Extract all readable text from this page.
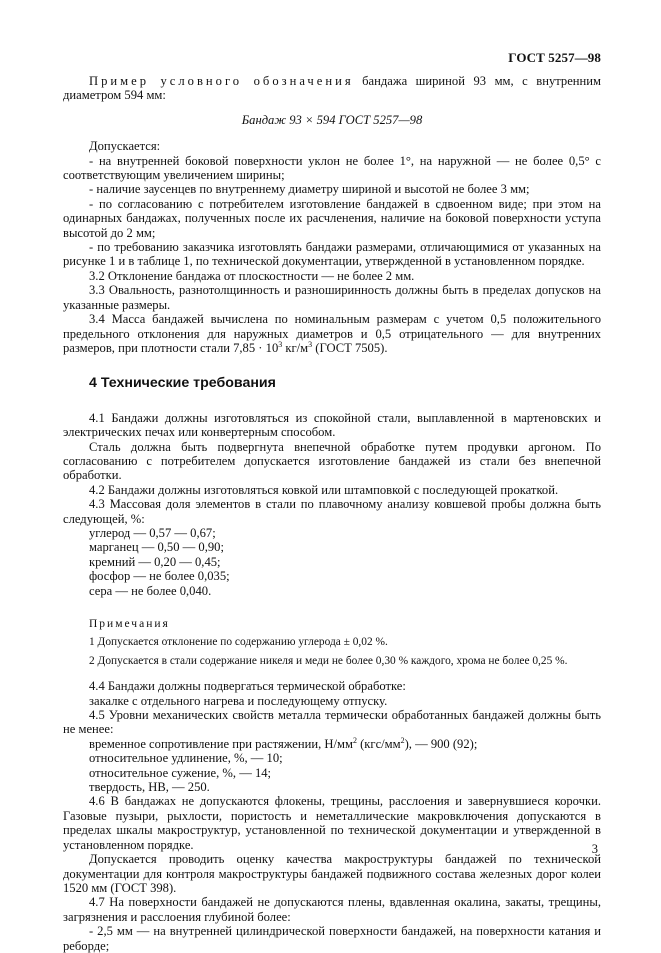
ГОСТ 5257—98

Пример условного обозначения бандажа шириной 93 мм, с внутренним диаметром 594 мм:

Бандаж 93 × 594 ГОСТ 5257—98

Допускается:

- на внутренней боковой поверхности уклон не более 1°, на наружной — не более 0,5° с соответствующим увеличением ширины;

- наличие заусенцев по внутреннему диаметру шириной и высотой не более 3 мм;

- по согласованию с потребителем изготовление бандажей в сдвоенном виде; при этом на одинарных бандажах, полученных после их расчленения, наличие на боковой поверхности уступа высотой до 2 мм;

- по требованию заказчика изготовлять бандажи размерами, отличающимися от указанных на рисунке 1 и в таблице 1, по технической документации, утвержденной в установленном порядке.

3.2 Отклонение бандажа от плоскостности — не более 2 мм.

3.3 Овальность, разнотолщинность и разноширинность должны быть в пределах допусков на указанные размеры.

3.4 Масса бандажей вычислена по номинальным размерам с учетом 0,5 положительного предельного отклонения для наружных диаметров и 0,5 отрицательного — для внутренних размеров, при плотности стали $7,85 \cdot 10^3$ $кг/м^3$ (ГОСТ 7505).

4 Технические требования

4.1 Бандажи должны изготовляться из спокойной стали, выплавленной в мартеновских и электрических печах или конвертерным способом.

Сталь должна быть подвергнута внепечной обработке путем продувки аргоном. По согласованию с потребителем допускается изготовление бандажей из стали без внепечной обработки.

4.2 Бандажи должны изготовляться ковкой или штамповкой с последующей прокаткой.

4.3 Массовая доля элементов в стали по плавочному анализу ковшевой пробы должна быть следующей, %:

углерод — 0,57 — 0,67;

марганец — 0,50 — 0,90;

кремний — 0,20 — 0,45;

фосфор — не более 0,035;

сера — не более 0,040.

Примечания

1 Допускается отклонение по содержанию углерода ± 0,02 %.

2 Допускается в стали содержание никеля и меди не более 0,30 % каждого, хрома не более 0,25 %.

4.4 Бандажи должны подвергаться термической обработке:

закалке с отдельного нагрева и последующему отпуску.

4.5 Уровни механических свойств металла термически обработанных бандажей должны быть не менее:

временное сопротивление при растяжении, $Н/мм^2$ $(кгс/мм^2)$, — 900 (92);

относительное удлинение, %, — 10;

относительное сужение, %, — 14;

твердость, НВ, — 250.

4.6 В бандажах не допускаются флокены, трещины, расслоения и завернувшиеся корочки. Газовые пузыри, рыхлости, пористость и неметаллические макровключения допускаются в пределах шкалы макроструктур, установленной по технической документации и утвержденной в установленном порядке.

Допускается проводить оценку качества макроструктуры бандажей по технической документации для контроля макроструктуры бандажей подвижного состава железных дорог колеи 1520 мм (ГОСТ 398).

4.7 На поверхности бандажей не допускаются плены, вдавленная окалина, закаты, трещины, загрязнения и расслоения глубиной более:

- 2,5 мм — на внутренней цилиндрической поверхности бандажей, на поверхности катания и реборде;

3
